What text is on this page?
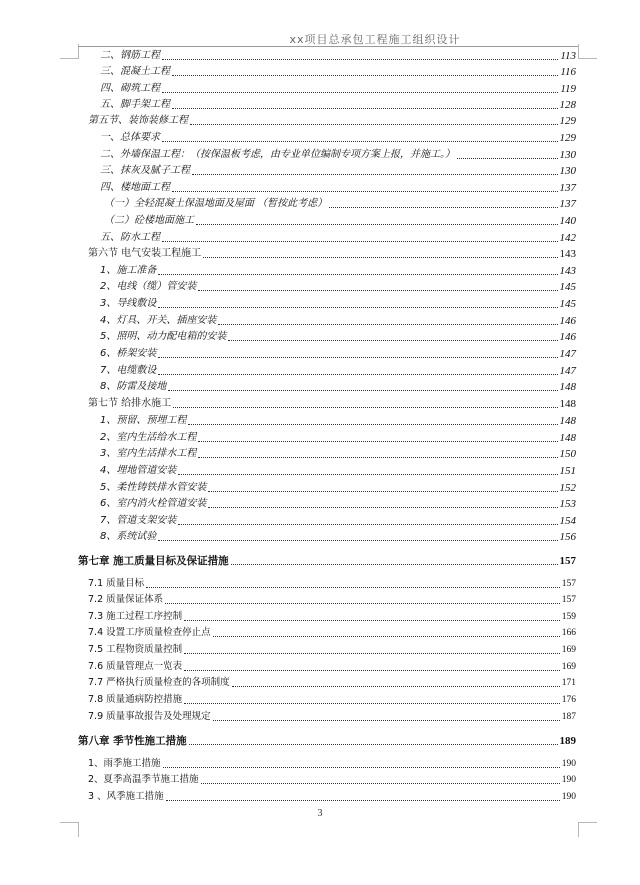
xx项目总承包工程施工组织设计
二、钢筋工程	113
三、混凝土工程	116
四、砌筑工程	119
五、脚手架工程	128
第五节、装饰装修工程	129
一、总体要求	129
二、外墙保温工程：（按保温板考虑，由专业单位编制专项方案上报，并施工。）	130
三、抹灰及腻子工程	130
四、楼地面工程	137
（一）全轻混凝土保温地面及屋面 （暂按此考虑）	137
（二）砼楼地面施工	140
五、防水工程	142
第六节 电气安装工程施工	143
1、施工准备	143
2、电线（缆）管安装	145
3、导线敷设	145
4、灯具、开关、插座安装	146
5、照明、动力配电箱的安装	146
6、桥架安装	147
7、电缆敷设	147
8、防雷及接地	148
第七节 给排水施工	148
1、预留、预埋工程	148
2、室内生活给水工程	148
3、室内生活排水工程	150
4、埋地管道安装	151
5、柔性铸铁排水管安装	152
6、室内消火栓管道安装	153
7、管道支架安装	154
8、系统试验	156
第七章 施工质量目标及保证措施	157
7.1 质量目标	157
7.2 质量保证体系	157
7.3 施工过程工序控制	159
7.4 设置工序质量检查停止点	166
7.5 工程物资质量控制	169
7.6 质量管理点一览表	169
7.7 严格执行质量检查的各项制度	171
7.8 质量通病防控措施	176
7.9 质量事故报告及处理规定	187
第八章 季节性施工措施	189
1、雨季施工措施	190
2、夏季高温季节施工措施	190
3 、风季施工措施	190
3
